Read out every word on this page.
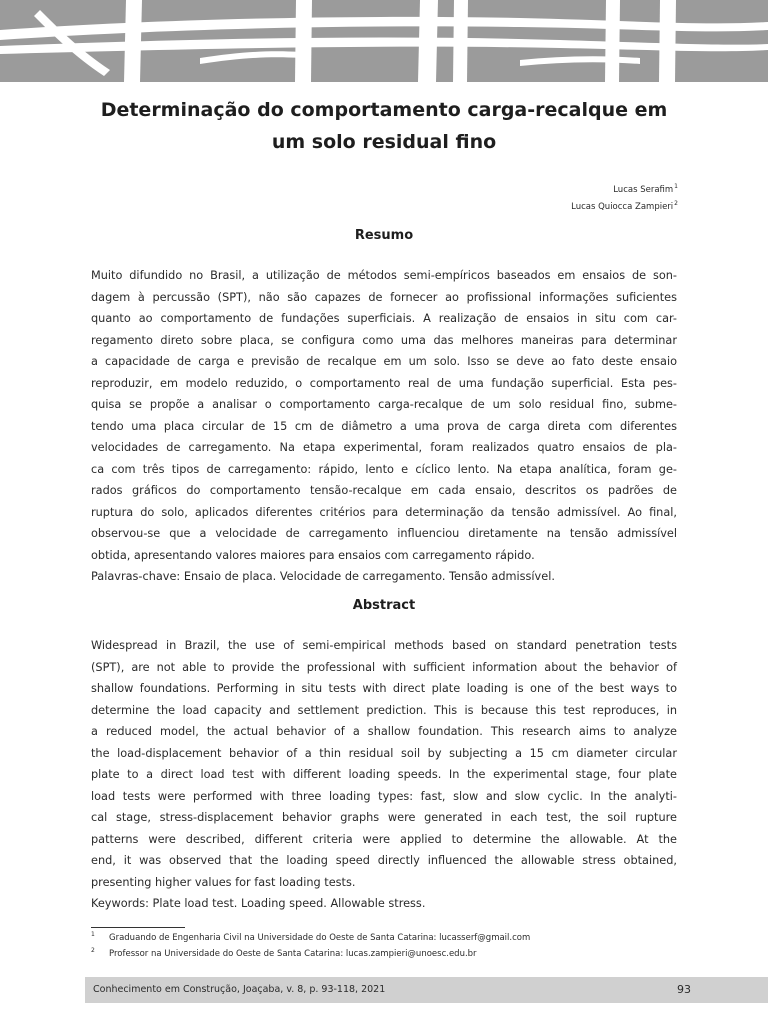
Determinação do comportamento carga-recalque em
um solo residual fino
Lucas Serafim$^1$
Lucas Quiocca Zampieri$^2$
Resumo
Muito difundido no Brasil, a utilização de métodos semi-empíricos baseados em ensaios de son-
dagem à percussão (SPT), não são capazes de fornecer ao profissional informações suficientes
quanto ao comportamento de fundações superficiais. A realização de ensaios in situ com car-
regamento direto sobre placa, se configura como uma das melhores maneiras para determinar
a capacidade de carga e previsão de recalque em um solo. Isso se deve ao fato deste ensaio
reproduzir, em modelo reduzido, o comportamento real de uma fundação superficial. Esta pes-
quisa se propõe a analisar o comportamento carga-recalque de um solo residual fino, subme-
tendo uma placa circular de 15 cm de diâmetro a uma prova de carga direta com diferentes
velocidades de carregamento. Na etapa experimental, foram realizados quatro ensaios de pla-
ca com três tipos de carregamento: rápido, lento e cíclico lento. Na etapa analítica, foram ge-
rados gráficos do comportamento tensão-recalque em cada ensaio, descritos os padrões de
ruptura do solo, aplicados diferentes critérios para determinação da tensão admissível. Ao final,
observou-se que a velocidade de carregamento influenciou diretamente na tensão admissível
obtida, apresentando valores maiores para ensaios com carregamento rápido.
Palavras-chave: Ensaio de placa. Velocidade de carregamento. Tensão admissível.
Abstract
Widespread in Brazil, the use of semi-empirical methods based on standard penetration tests
(SPT), are not able to provide the professional with sufficient information about the behavior of
shallow foundations. Performing in situ tests with direct plate loading is one of the best ways to
determine the load capacity and settlement prediction. This is because this test reproduces, in
a reduced model, the actual behavior of a shallow foundation. This research aims to analyze
the load-displacement behavior of a thin residual soil by subjecting a 15 cm diameter circular
plate to a direct load test with different loading speeds. In the experimental stage, four plate
load tests were performed with three loading types: fast, slow and slow cyclic. In the analyti-
cal stage, stress-displacement behavior graphs were generated in each test, the soil rupture
patterns were described, different criteria were applied to determine the allowable. At the
end, it was observed that the loading speed directly influenced the allowable stress obtained,
presenting higher values for fast loading tests.
Keywords: Plate load test. Loading speed. Allowable stress.
1	Graduando de Engenharia Civil na Universidade do Oeste de Santa Catarina: lucasserf@gmail.com
2	Professor na Universidade do Oeste de Santa Catarina: lucas.zampieri@unoesc.edu.br
Conhecimento em Construção, Joaçaba, v. 8, p. 93-118, 2021	93
